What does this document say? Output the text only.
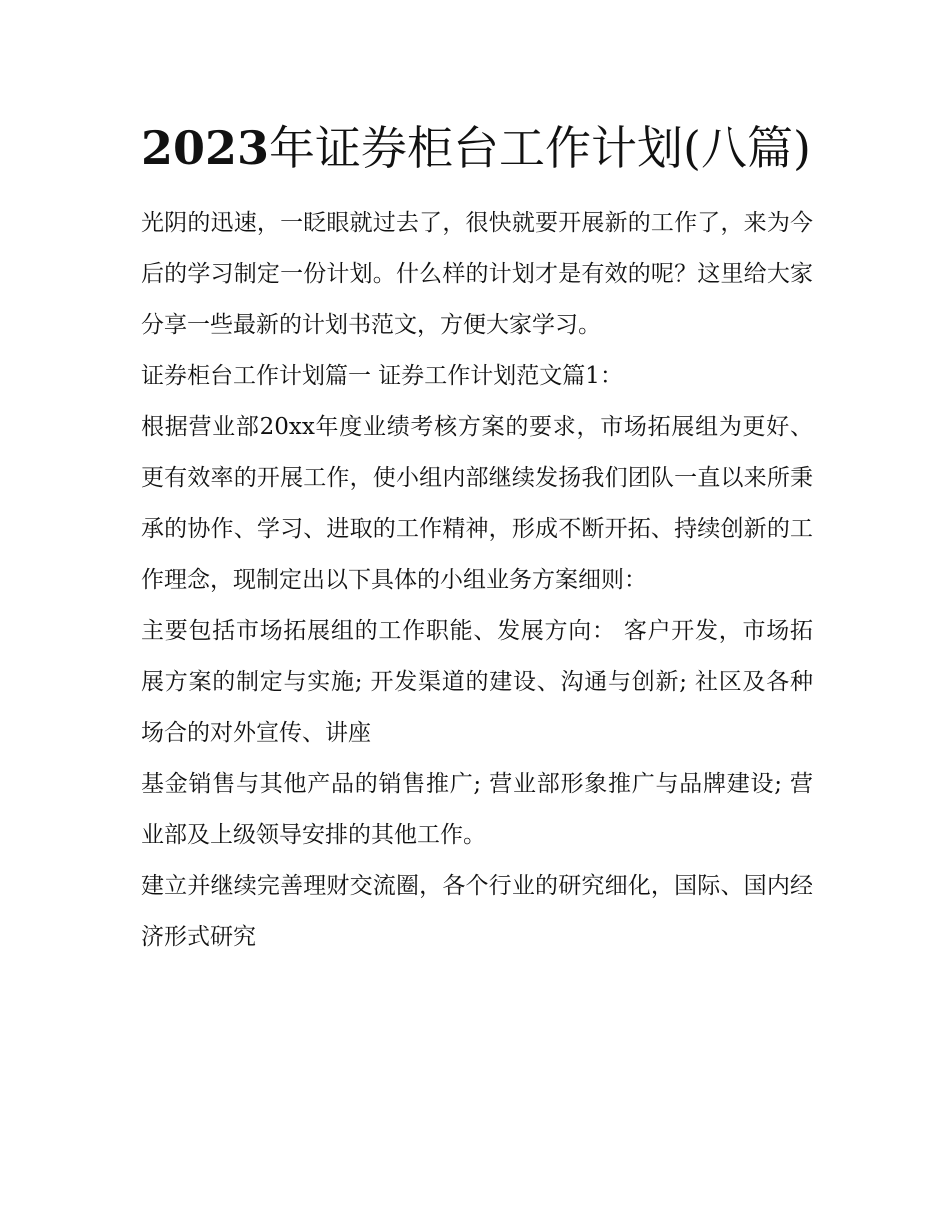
2023年证券柜台工作计划(八篇)

光阴的迅速，一眨眼就过去了，很快就要开展新的工作了，来为今后的学习制定一份计划。什么样的计划才是有效的呢？这里给大家分享一些最新的计划书范文，方便大家学习。

证券柜台工作计划篇一 证券工作计划范文篇1：

根据营业部20xx年度业绩考核方案的要求，市场拓展组为更好、更有效率的开展工作，使小组内部继续发扬我们团队一直以来所秉承的协作、学习、进取的工作精神，形成不断开拓、持续创新的工作理念，现制定出以下具体的小组业务方案细则：

主要包括市场拓展组的工作职能、发展方向： 客户开发，市场拓展方案的制定与实施; 开发渠道的建设、沟通与创新; 社区及各种场合的对外宣传、讲座

基金销售与其他产品的销售推广; 营业部形象推广与品牌建设; 营业部及上级领导安排的其他工作。

建立并继续完善理财交流圈，各个行业的研究细化，国际、国内经济形式研究
